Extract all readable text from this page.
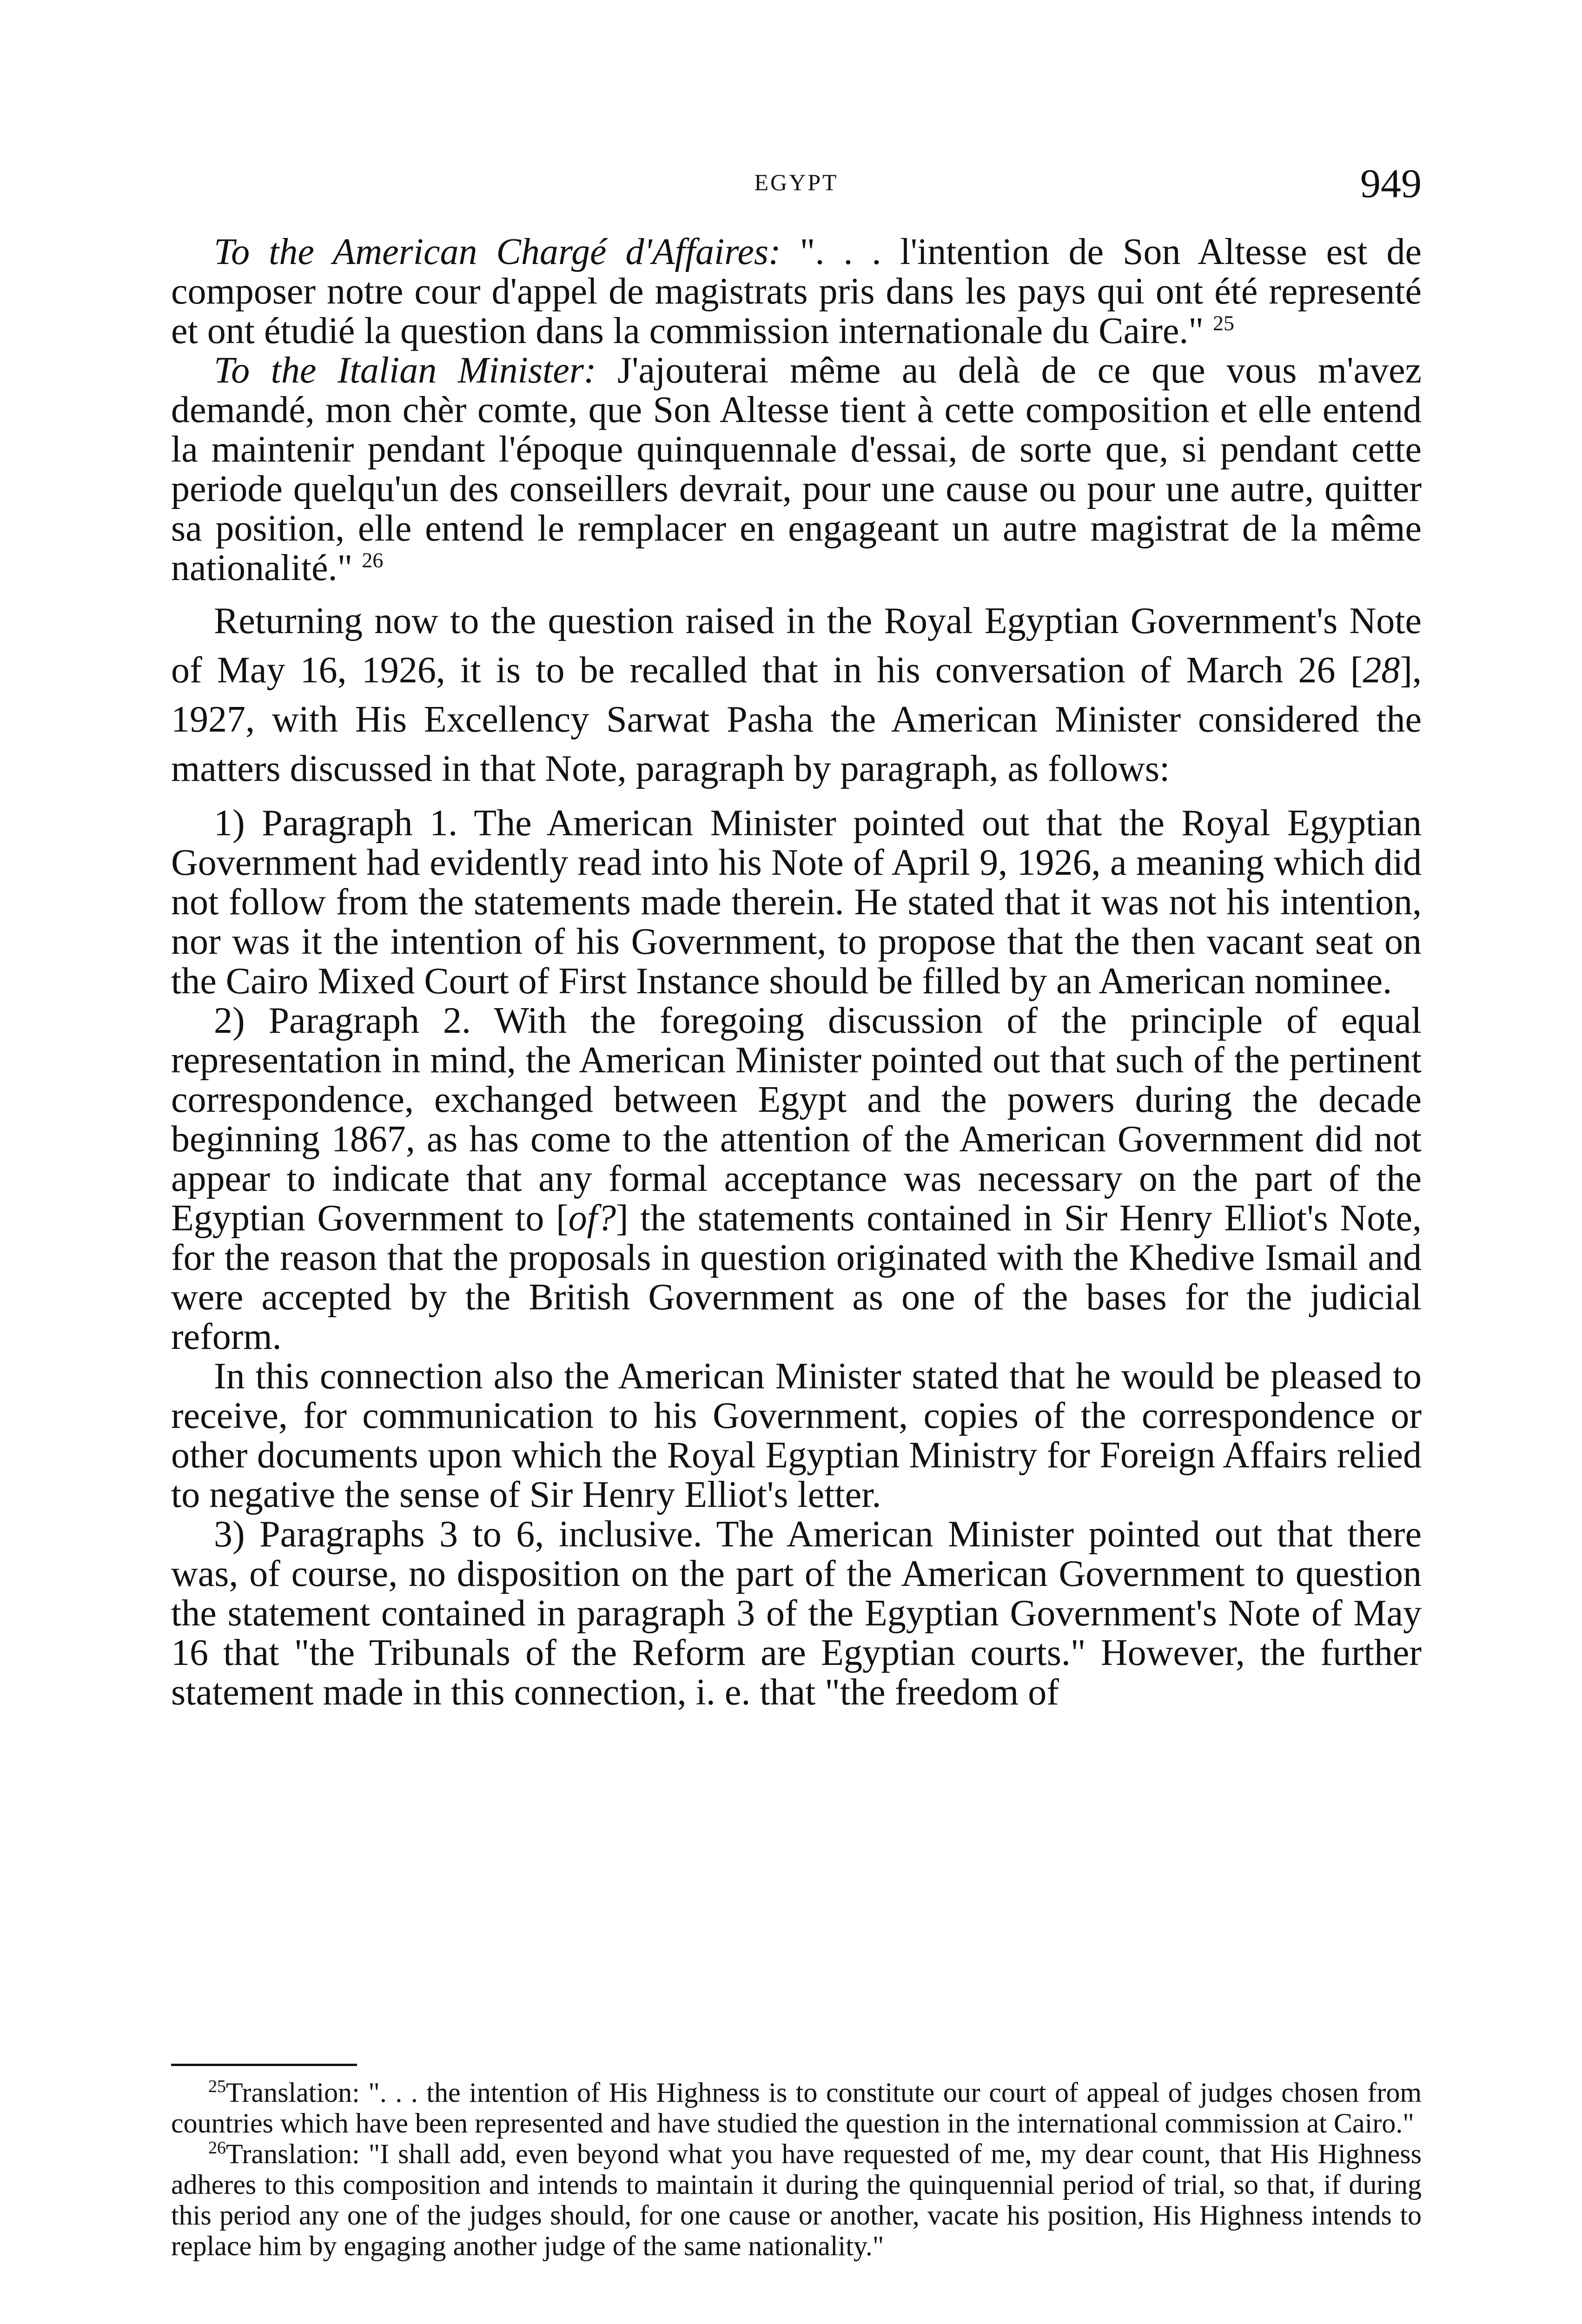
EGYPT	949

To the American Chargé d'Affaires: ". . . l'intention de Son Altesse est de composer notre cour d'appel de magistrats pris dans les pays qui ont été representé et ont étudié la question dans la commission internationale du Caire." $^{25}$

To the Italian Minister: J'ajouterai même au delà de ce que vous m'avez demandé, mon chèr comte, que Son Altesse tient à cette composition et elle entend la maintenir pendant l'époque quinquennale d'essai, de sorte que, si pendant cette periode quelqu'un des conseillers devrait, pour une cause ou pour une autre, quitter sa position, elle entend le remplacer en engageant un autre magistrat de la même nationalité." $^{26}$

Returning now to the question raised in the Royal Egyptian Government's Note of May 16, 1926, it is to be recalled that in his conversation of March 26 [28], 1927, with His Excellency Sarwat Pasha the American Minister considered the matters discussed in that Note, paragraph by paragraph, as follows:

1) Paragraph 1. The American Minister pointed out that the Royal Egyptian Government had evidently read into his Note of April 9, 1926, a meaning which did not follow from the statements made therein. He stated that it was not his intention, nor was it the intention of his Government, to propose that the then vacant seat on the Cairo Mixed Court of First Instance should be filled by an American nominee.

2) Paragraph 2. With the foregoing discussion of the principle of equal representation in mind, the American Minister pointed out that such of the pertinent correspondence, exchanged between Egypt and the powers during the decade beginning 1867, as has come to the attention of the American Government did not appear to indicate that any formal acceptance was necessary on the part of the Egyptian Government to [of?] the statements contained in Sir Henry Elliot's Note, for the reason that the proposals in question originated with the Khedive Ismail and were accepted by the British Government as one of the bases for the judicial reform.

In this connection also the American Minister stated that he would be pleased to receive, for communication to his Government, copies of the correspondence or other documents upon which the Royal Egyptian Ministry for Foreign Affairs relied to negative the sense of Sir Henry Elliot's letter.

3) Paragraphs 3 to 6, inclusive. The American Minister pointed out that there was, of course, no disposition on the part of the American Government to question the statement contained in paragraph 3 of the Egyptian Government's Note of May 16 that "the Tribunals of the Reform are Egyptian courts." However, the further statement made in this connection, i. e. that "the freedom of

$^{25}$Translation: ". . . the intention of His Highness is to constitute our court of appeal of judges chosen from countries which have been represented and have studied the question in the international commission at Cairo."

$^{26}$Translation: "I shall add, even beyond what you have requested of me, my dear count, that His Highness adheres to this composition and intends to maintain it during the quinquennial period of trial, so that, if during this period any one of the judges should, for one cause or another, vacate his position, His Highness intends to replace him by engaging another judge of the same nationality."
